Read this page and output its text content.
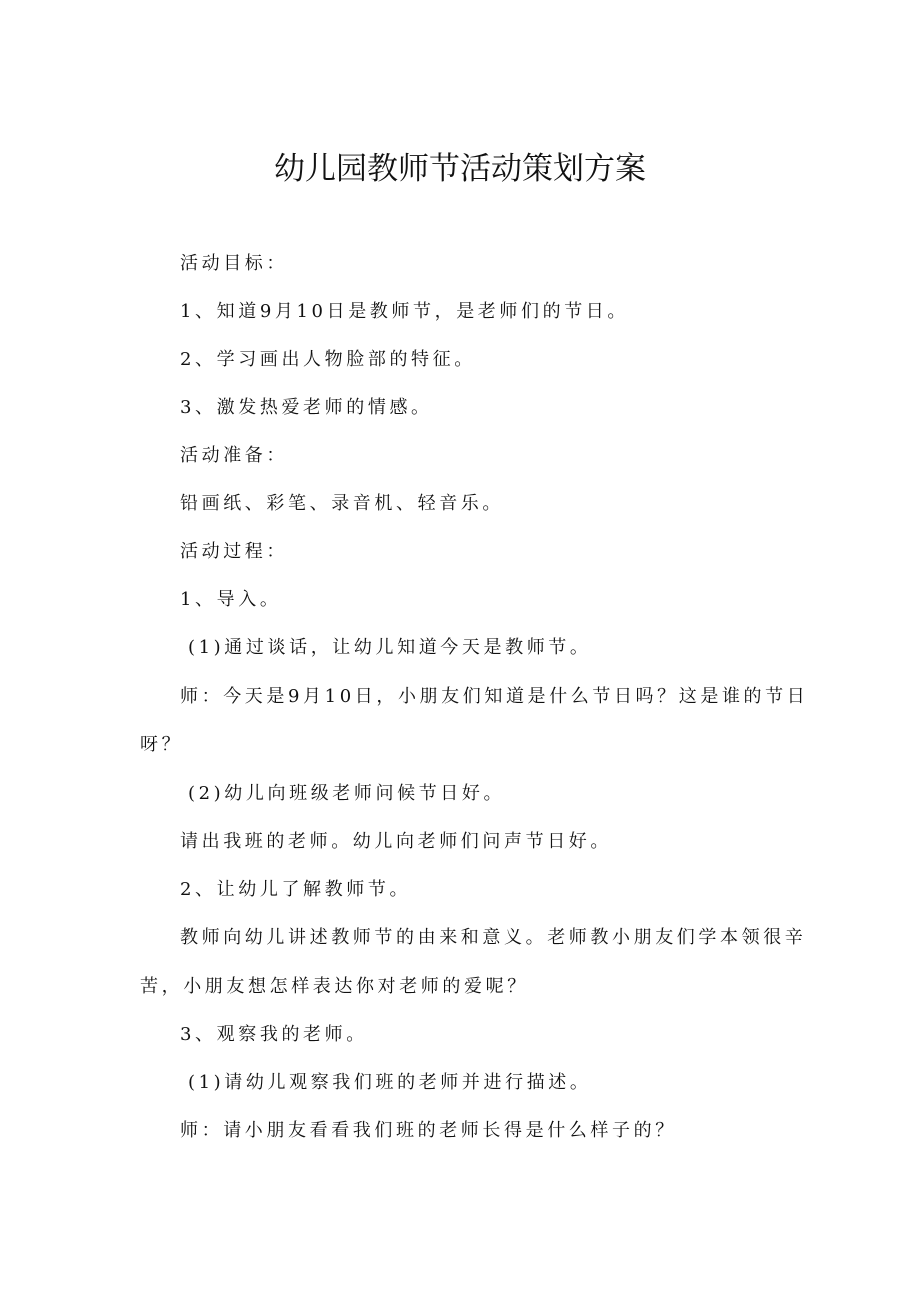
幼儿园教师节活动策划方案
活动目标：
1、知道9月10日是教师节，是老师们的节日。
2、学习画出人物脸部的特征。
3、激发热爱老师的情感。
活动准备：
铅画纸、彩笔、录音机、轻音乐。
活动过程：
1、导入。
(1)通过谈话，让幼儿知道今天是教师节。
师：今天是9月10日，小朋友们知道是什么节日吗？这是谁的节日
呀？
(2)幼儿向班级老师问候节日好。
请出我班的老师。幼儿向老师们问声节日好。
2、让幼儿了解教师节。
教师向幼儿讲述教师节的由来和意义。老师教小朋友们学本领很辛
苦，小朋友想怎样表达你对老师的爱呢？
3、观察我的老师。
(1)请幼儿观察我们班的老师并进行描述。
师：请小朋友看看我们班的老师长得是什么样子的？
